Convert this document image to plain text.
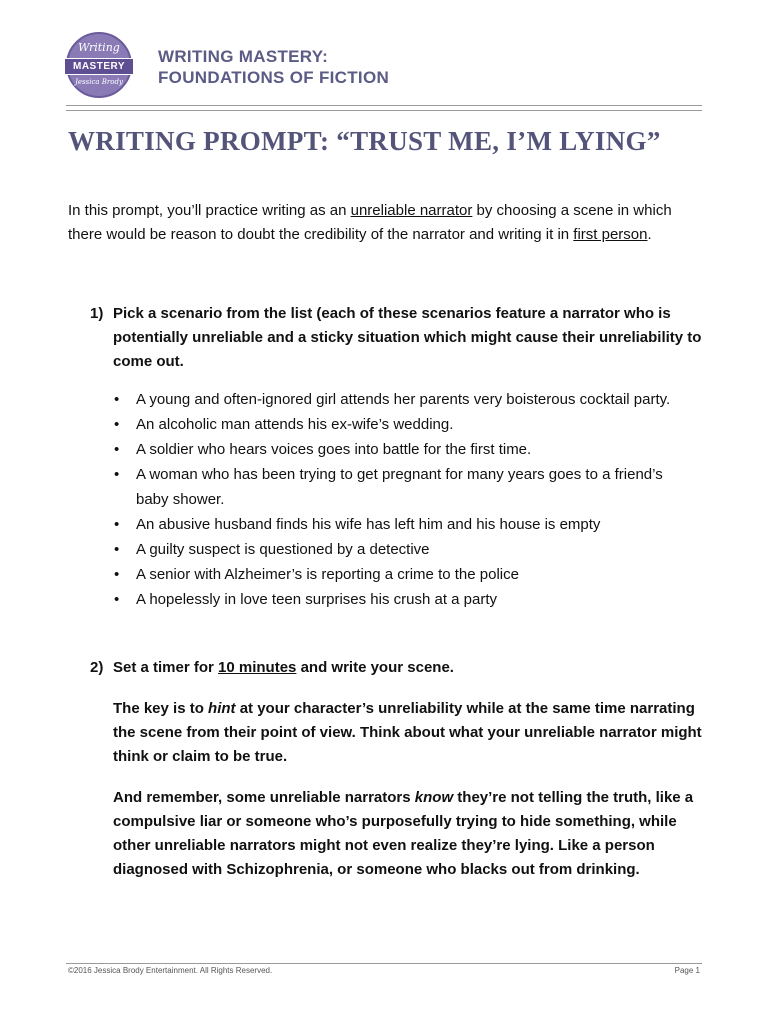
Writing
MASTERY
Jessica Brody
WRITING MASTERY:
FOUNDATIONS OF FICTION
WRITING PROMPT: “TRUST ME, I’M LYING”
In this prompt, you’ll practice writing as an unreliable narrator by choosing a scene in which there would be reason to doubt the credibility of the narrator and writing it in first person.
1) Pick a scenario from the list (each of these scenarios feature a narrator who is potentially unreliable and a sticky situation which might cause their unreliability to come out.
• A young and often-ignored girl attends her parents very boisterous cocktail party.
• An alcoholic man attends his ex-wife’s wedding.
• A soldier who hears voices goes into battle for the first time.
• A woman who has been trying to get pregnant for many years goes to a friend’s baby shower.
• An abusive husband finds his wife has left him and his house is empty
• A guilty suspect is questioned by a detective
• A senior with Alzheimer’s is reporting a crime to the police
• A hopelessly in love teen surprises his crush at a party
2) Set a timer for 10 minutes and write your scene.
The key is to hint at your character’s unreliability while at the same time narrating the scene from their point of view. Think about what your unreliable narrator might think or claim to be true.
And remember, some unreliable narrators know they’re not telling the truth, like a compulsive liar or someone who’s purposefully trying to hide something, while other unreliable narrators might not even realize they’re lying. Like a person diagnosed with Schizophrenia, or someone who blacks out from drinking.
©2016 Jessica Brody Entertainment. All Rights Reserved.	Page 1
